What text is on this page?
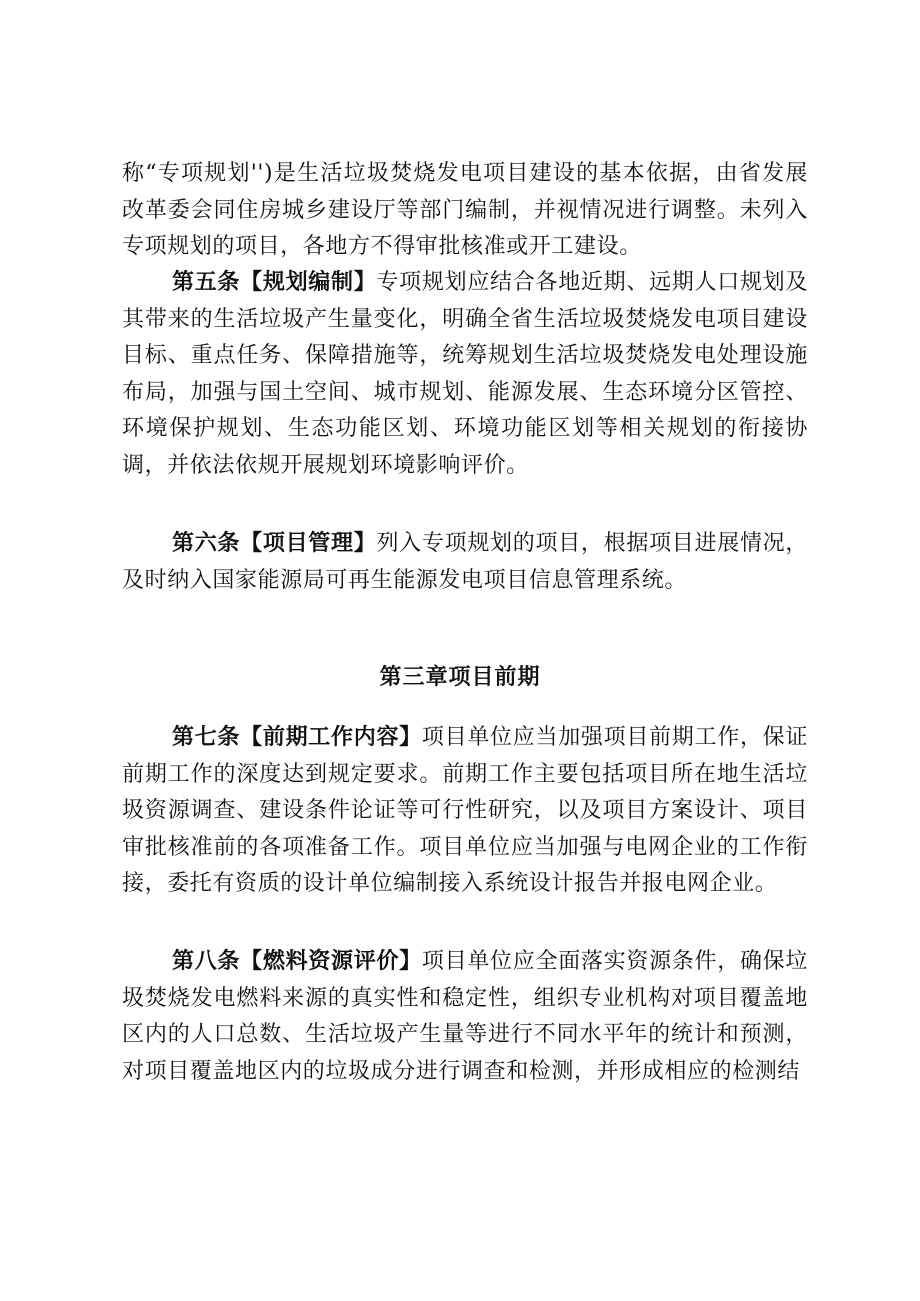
称“专项规划'')是生活垃圾焚烧发电项目建设的基本依据，由省发展改革委会同住房城乡建设厅等部门编制，并视情况进行调整。未列入专项规划的项目，各地方不得审批核准或开工建设。

第五条【规划编制】专项规划应结合各地近期、远期人口规划及其带来的生活垃圾产生量变化，明确全省生活垃圾焚烧发电项目建设目标、重点任务、保障措施等，统筹规划生活垃圾焚烧发电处理设施布局，加强与国土空间、城市规划、能源发展、生态环境分区管控、环境保护规划、生态功能区划、环境功能区划等相关规划的衔接协调，并依法依规开展规划环境影响评价。

第六条【项目管理】列入专项规划的项目，根据项目进展情况，及时纳入国家能源局可再生能源发电项目信息管理系统。

第三章项目前期

第七条【前期工作内容】项目单位应当加强项目前期工作，保证前期工作的深度达到规定要求。前期工作主要包括项目所在地生活垃圾资源调查、建设条件论证等可行性研究，以及项目方案设计、项目审批核准前的各项准备工作。项目单位应当加强与电网企业的工作衔接，委托有资质的设计单位编制接入系统设计报告并报电网企业。

第八条【燃料资源评价】项目单位应全面落实资源条件，确保垃圾焚烧发电燃料来源的真实性和稳定性，组织专业机构对项目覆盖地区内的人口总数、生活垃圾产生量等进行不同水平年的统计和预测，对项目覆盖地区内的垃圾成分进行调查和检测，并形成相应的检测结
